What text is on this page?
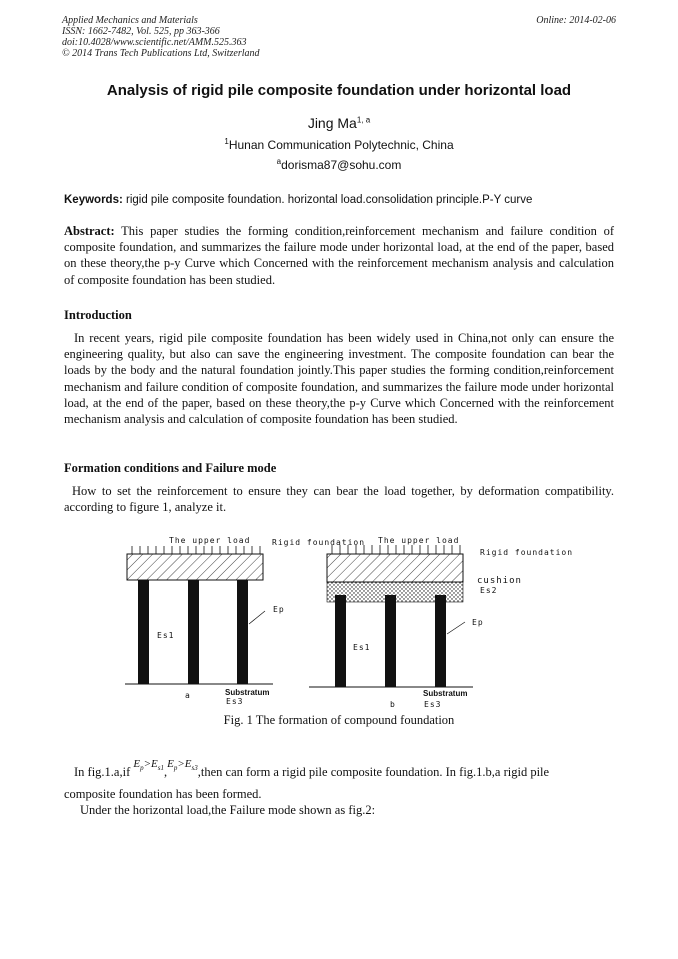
Applied Mechanics and Materials
ISSN: 1662-7482, Vol. 525, pp 363-366
doi:10.4028/www.scientific.net/AMM.525.363
© 2014 Trans Tech Publications Ltd, Switzerland
Online: 2014-02-06
Analysis of rigid pile composite foundation under horizontal load
Jing Ma$^{1, a}$
$^1$Hunan Communication Polytechnic, China
$^a$dorisma87@sohu.com
Keywords: rigid pile composite foundation. horizontal load.consolidation principle.P-Y curve
Abstract: This paper studies the forming condition,reinforcement mechanism and failure condition of composite foundation, and summarizes the failure mode under horizontal load, at the end of the paper, based on these theory,the p-y Curve which Concerned with the reinforcement mechanism analysis and calculation of composite foundation has been studied.
Introduction
In recent years, rigid pile composite foundation has been widely used in China,not only can ensure the engineering quality, but also can save the engineering investment. The composite foundation can bear the loads by the body and the natural foundation jointly.This paper studies the forming condition,reinforcement mechanism and failure condition of composite foundation, and summarizes the failure mode under horizontal load, at the end of the paper, based on these theory,the p-y Curve which Concerned with the reinforcement mechanism analysis and calculation of composite foundation has been studied.
Formation conditions and Failure mode
How to set the reinforcement to ensure they can bear the load together, by deformation compatibility. according to figure 1, analyze it.
The upper load	Rigid foundation
Ep
Es1
Substratum
a
Es3
The upper load
Rigid foundation
cushion
Es2
Ep
Es1
Substratum
b	Es3
Fig. 1 The formation of compound foundation
In fig.1.a,if $E_p>E_{s1},E_p>E_{s3},then$ can form a rigid pile composite foundation. In fig.1.b,a rigid pile
composite foundation has been formed.
Under the horizontal load,the Failure mode shown as fig.2:
